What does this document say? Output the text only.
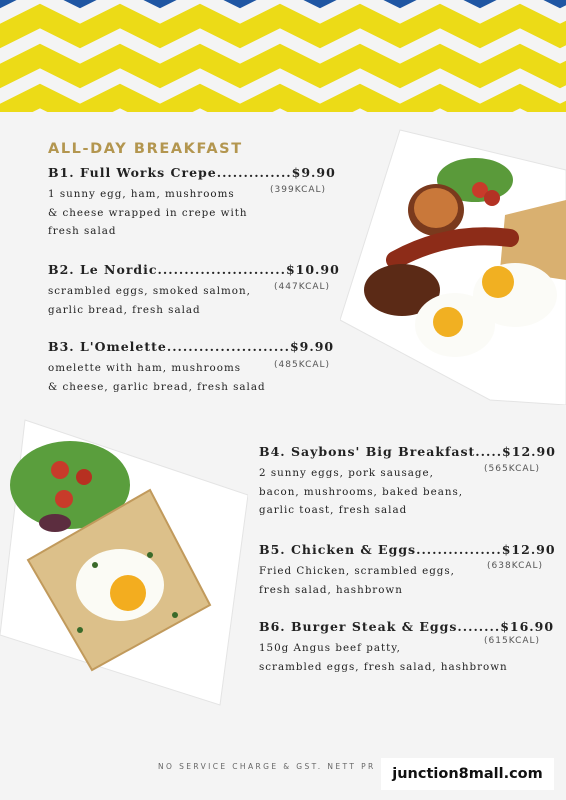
ALL-DAY BREAKFAST
B1. Full Works Crepe..............$9.90
1 sunny egg, ham, mushrooms
& cheese wrapped in crepe with
fresh salad
(399KCAL)
B2. Le Nordic........................$10.90
scrambled eggs, smoked salmon,
garlic bread, fresh salad
(447KCAL)
B3. L'Omelette.......................$9.90
omelette with ham, mushrooms
& cheese, garlic bread, fresh salad
(485KCAL)
B4. Saybons' Big Breakfast.....$12.90
2 sunny eggs, pork sausage,
bacon, mushrooms, baked beans,
garlic toast, fresh salad
(565KCAL)
B5. Chicken & Eggs................$12.90
Fried Chicken, scrambled eggs,
fresh salad, hashbrown
(638KCAL)
B6. Burger Steak & Eggs........$16.90
150g Angus beef patty,
scrambled eggs, fresh salad, hashbrown
(615KCAL)

NO SERVICE CHARGE & GST. NETT PR	junction8mall.com
